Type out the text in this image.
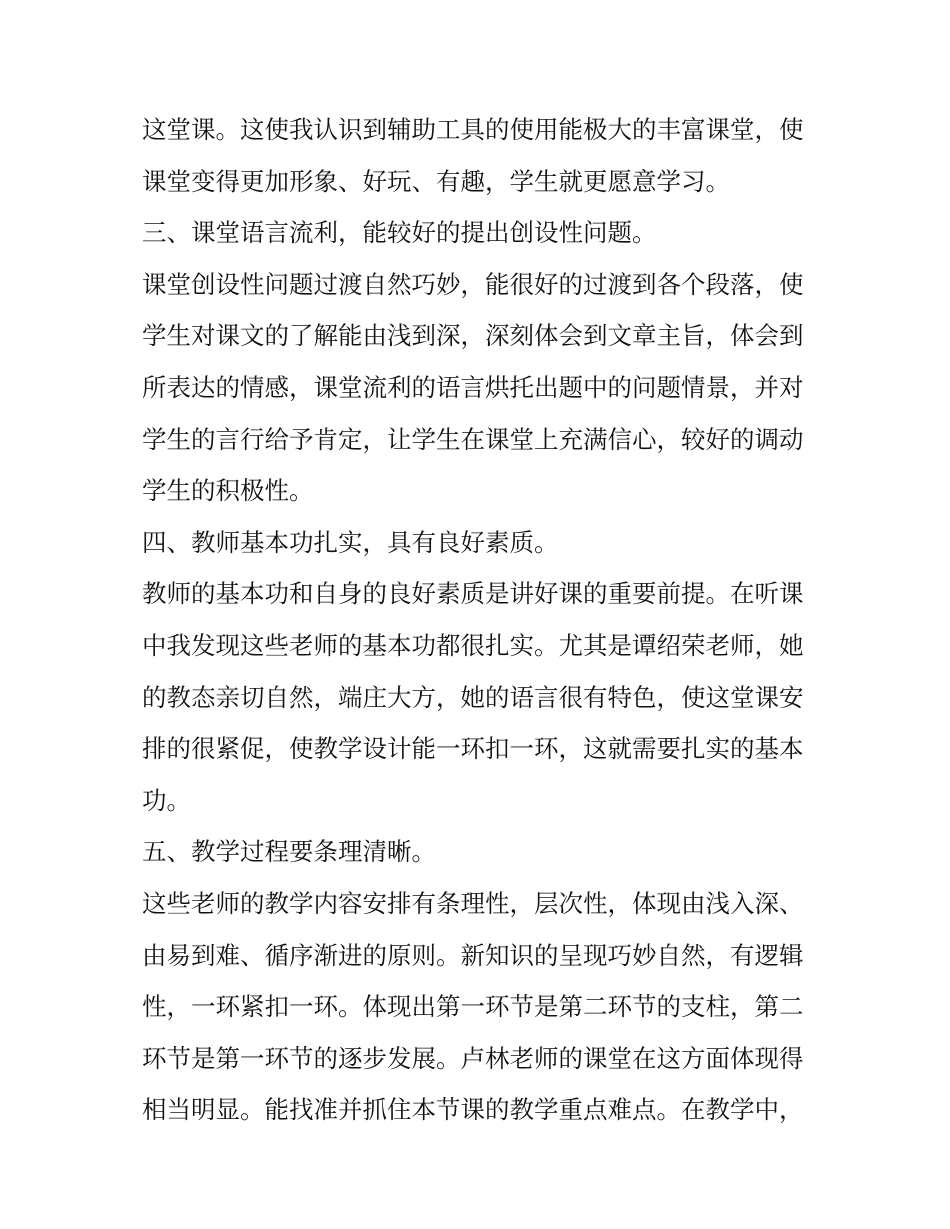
这堂课。这使我认识到辅助工具的使用能极大的丰富课堂，使
课堂变得更加形象、好玩、有趣，学生就更愿意学习。
三、课堂语言流利，能较好的提出创设性问题。
课堂创设性问题过渡自然巧妙，能很好的过渡到各个段落，使
学生对课文的了解能由浅到深，深刻体会到文章主旨，体会到
所表达的情感，课堂流利的语言烘托出题中的问题情景，并对
学生的言行给予肯定，让学生在课堂上充满信心，较好的调动
学生的积极性。
四、教师基本功扎实，具有良好素质。
教师的基本功和自身的良好素质是讲好课的重要前提。在听课
中我发现这些老师的基本功都很扎实。尤其是谭绍荣老师，她
的教态亲切自然，端庄大方，她的语言很有特色，使这堂课安
排的很紧促，使教学设计能一环扣一环，这就需要扎实的基本
功。
五、教学过程要条理清晰。
这些老师的教学内容安排有条理性，层次性，体现由浅入深、
由易到难、循序渐进的原则。新知识的呈现巧妙自然，有逻辑
性，一环紧扣一环。体现出第一环节是第二环节的支柱，第二
环节是第一环节的逐步发展。卢林老师的课堂在这方面体现得
相当明显。能找准并抓住本节课的教学重点难点。在教学中，
